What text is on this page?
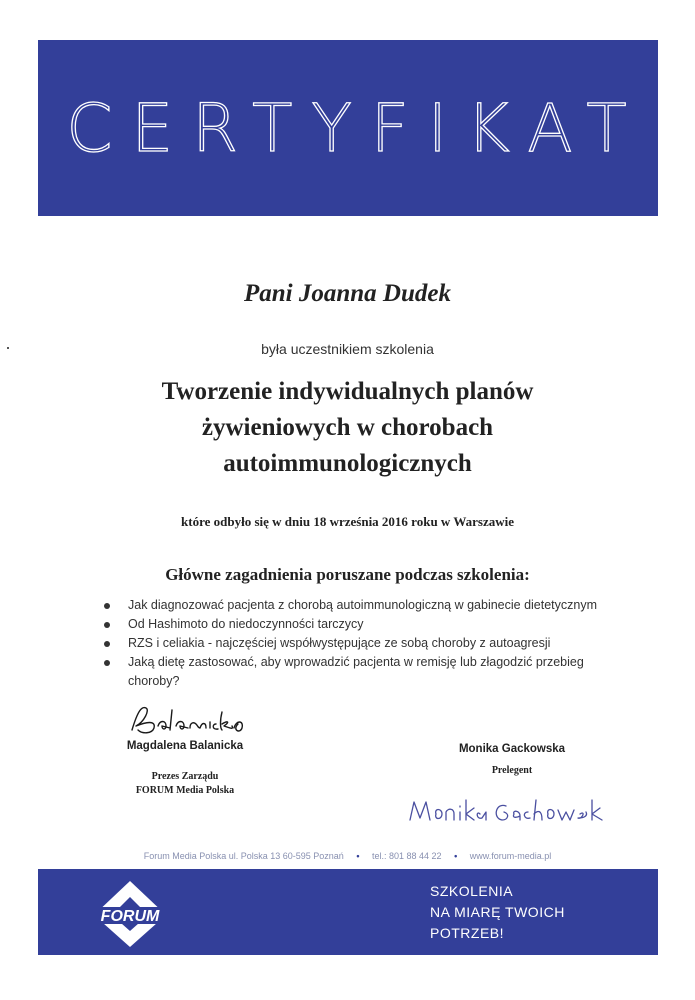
CERTYFIKAT
Pani Joanna Dudek
była uczestnikiem szkolenia
Tworzenie indywidualnych planów
żywieniowych w chorobach
autoimmunologicznych
które odbyło się w dniu 18 września 2016 roku w Warszawie
Główne zagadnienia poruszane podczas szkolenia:
Jak diagnozować pacjenta z chorobą autoimmunologiczną w gabinecie dietetycznym
Od Hashimoto do niedoczynności tarczycy
RZS i celiakia - najczęściej współwystępujące ze sobą choroby z autoagresji
Jaką dietę zastosować, aby wprowadzić pacjenta w remisję lub złagodzić przebieg choroby?
Magdalena Balanicka
Prezes Zarządu
FORUM Media Polska
Monika Gackowska
Prelegent
Forum Media Polska ul. Polska 13 60-595 Poznań • tel.: 801 88 44 22 • www.forum-media.pl
FORUM
SZKOLENIA
NA MIARĘ TWOICH
POTRZEB!
